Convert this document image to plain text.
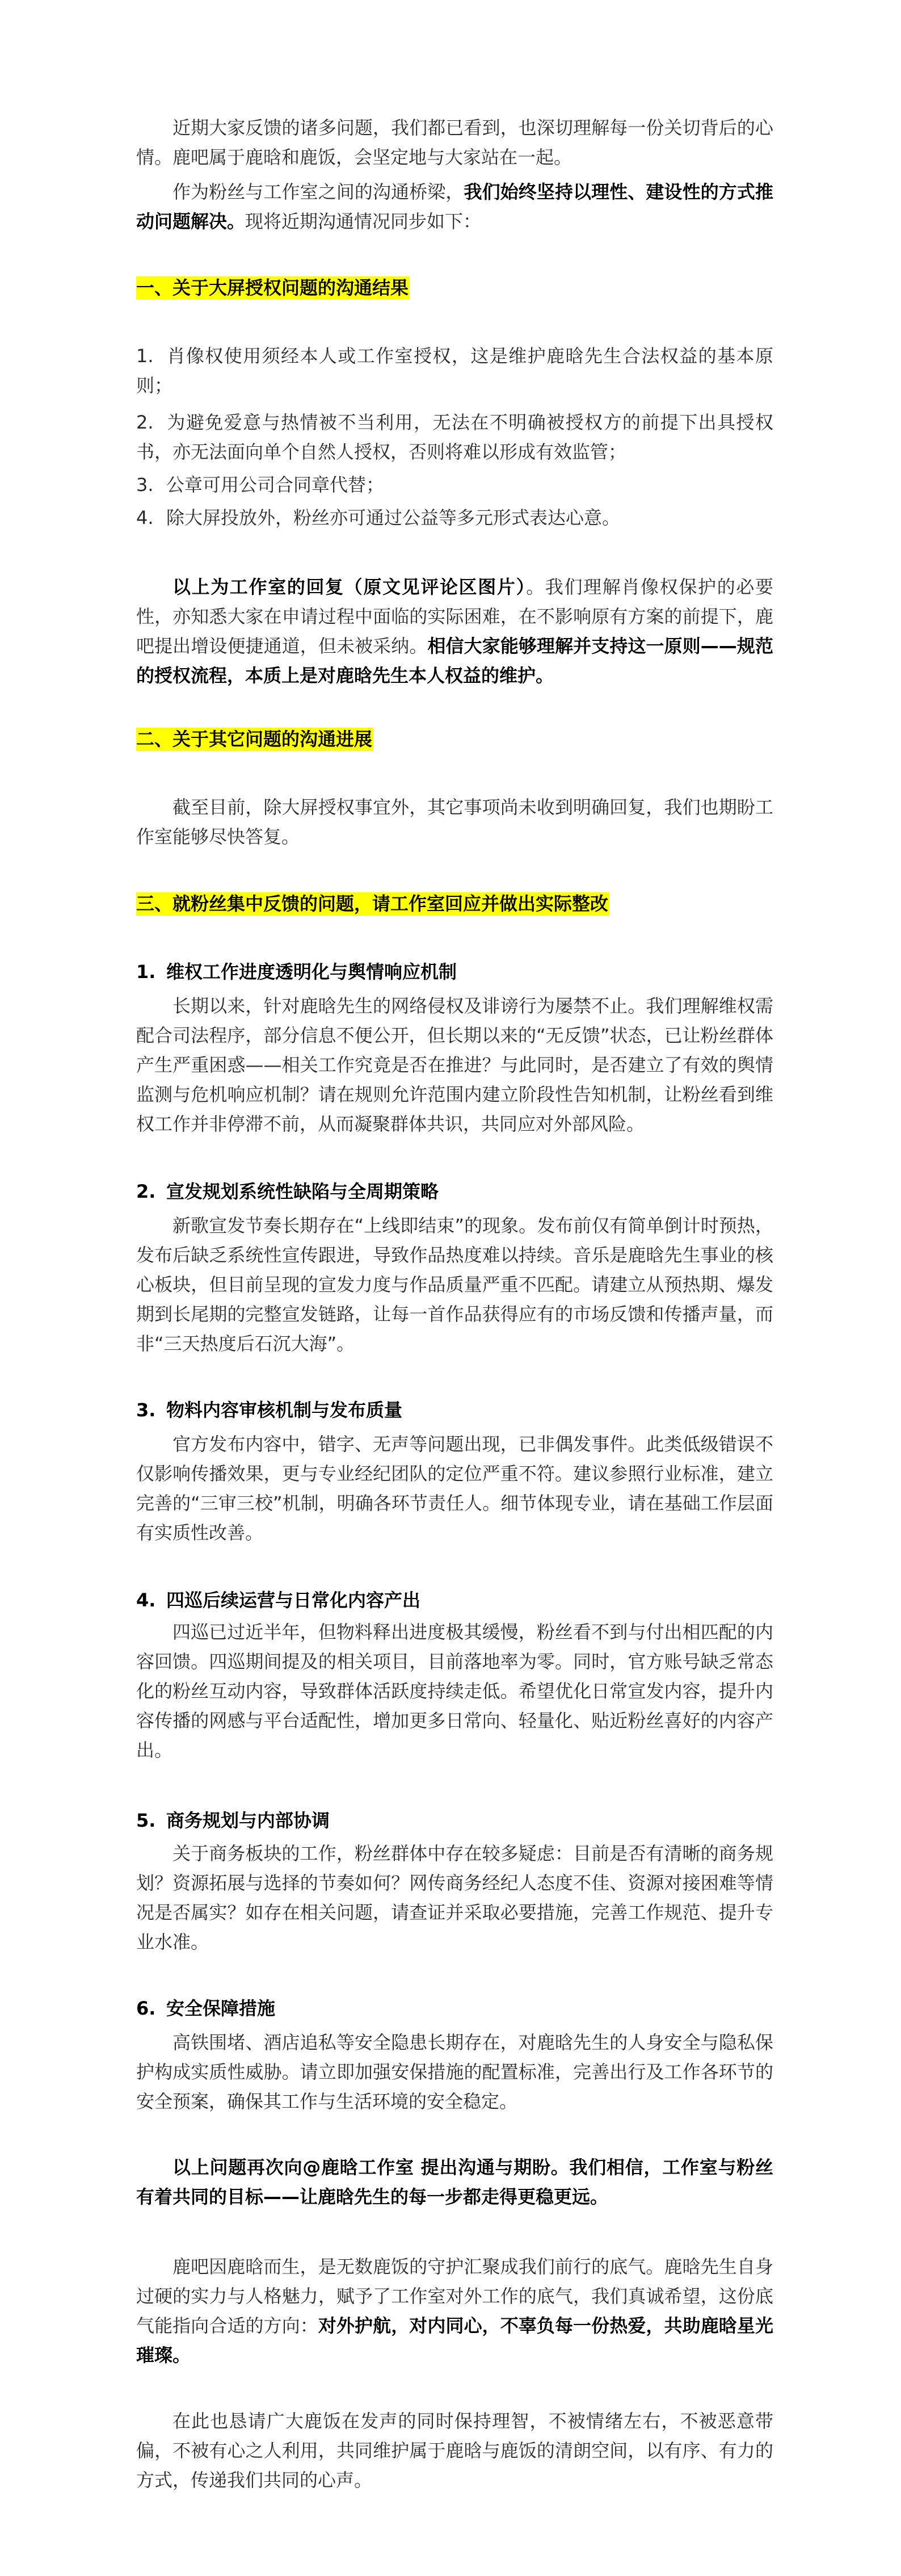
近期大家反馈的诸多问题，我们都已看到，也深切理解每一份关切背后的心情。鹿吧属于鹿晗和鹿饭，会坚定地与大家站在一起。

作为粉丝与工作室之间的沟通桥梁，我们始终坚持以理性、建设性的方式推动问题解决。现将近期沟通情况同步如下：

一、关于大屏授权问题的沟通结果

1. 肖像权使用须经本人或工作室授权，这是维护鹿晗先生合法权益的基本原则；

2. 为避免爱意与热情被不当利用，无法在不明确被授权方的前提下出具授权书，亦无法面向单个自然人授权，否则将难以形成有效监管；

3. 公章可用公司合同章代替；

4. 除大屏投放外，粉丝亦可通过公益等多元形式表达心意。

以上为工作室的回复（原文见评论区图片）。我们理解肖像权保护的必要性，亦知悉大家在申请过程中面临的实际困难，在不影响原有方案的前提下，鹿吧提出增设便捷通道，但未被采纳。相信大家能够理解并支持这一原则——规范的授权流程，本质上是对鹿晗先生本人权益的维护。

二、关于其它问题的沟通进展

截至目前，除大屏授权事宜外，其它事项尚未收到明确回复，我们也期盼工作室能够尽快答复。

三、就粉丝集中反馈的问题，请工作室回应并做出实际整改
1. 维权工作进度透明化与舆情响应机制

长期以来，针对鹿晗先生的网络侵权及诽谤行为屡禁不止。我们理解维权需配合司法程序，部分信息不便公开，但长期以来的“无反馈”状态，已让粉丝群体产生严重困惑——相关工作究竟是否在推进？与此同时，是否建立了有效的舆情监测与危机响应机制？请在规则允许范围内建立阶段性告知机制，让粉丝看到维权工作并非停滞不前，从而凝聚群体共识，共同应对外部风险。

2. 宣发规划系统性缺陷与全周期策略

新歌宣发节奏长期存在“上线即结束”的现象。发布前仅有简单倒计时预热，发布后缺乏系统性宣传跟进，导致作品热度难以持续。音乐是鹿晗先生事业的核心板块，但目前呈现的宣发力度与作品质量严重不匹配。请建立从预热期、爆发期到长尾期的完整宣发链路，让每一首作品获得应有的市场反馈和传播声量，而非“三天热度后石沉大海”。

3. 物料内容审核机制与发布质量

官方发布内容中，错字、无声等问题出现，已非偶发事件。此类低级错误不仅影响传播效果，更与专业经纪团队的定位严重不符。建议参照行业标准，建立完善的“三审三校”机制，明确各环节责任人。细节体现专业，请在基础工作层面有实质性改善。

4. 四巡后续运营与日常化内容产出

四巡已过近半年，但物料释出进度极其缓慢，粉丝看不到与付出相匹配的内容回馈。四巡期间提及的相关项目，目前落地率为零。同时，官方账号缺乏常态化的粉丝互动内容，导致群体活跃度持续走低。希望优化日常宣发内容，提升内容传播的网感与平台适配性，增加更多日常向、轻量化、贴近粉丝喜好的内容产出。

5. 商务规划与内部协调

关于商务板块的工作，粉丝群体中存在较多疑虑：目前是否有清晰的商务规划？资源拓展与选择的节奏如何？网传商务经纪人态度不佳、资源对接困难等情况是否属实？如存在相关问题，请查证并采取必要措施，完善工作规范、提升专业水准。

6. 安全保障措施

高铁围堵、酒店追私等安全隐患长期存在，对鹿晗先生的人身安全与隐私保护构成实质性威胁。请立即加强安保措施的配置标准，完善出行及工作各环节的安全预案，确保其工作与生活环境的安全稳定。

以上问题再次向@鹿晗工作室 提出沟通与期盼。我们相信，工作室与粉丝有着共同的目标——让鹿晗先生的每一步都走得更稳更远。

鹿吧因鹿晗而生，是无数鹿饭的守护汇聚成我们前行的底气。鹿晗先生自身过硬的实力与人格魅力，赋予了工作室对外工作的底气，我们真诚希望，这份底气能指向合适的方向：对外护航，对内同心，不辜负每一份热爱，共助鹿晗星光璀璨。

在此也恳请广大鹿饭在发声的同时保持理智，不被情绪左右，不被恶意带偏，不被有心之人利用，共同维护属于鹿晗与鹿饭的清朗空间，以有序、有力的方式，传递我们共同的心声。
